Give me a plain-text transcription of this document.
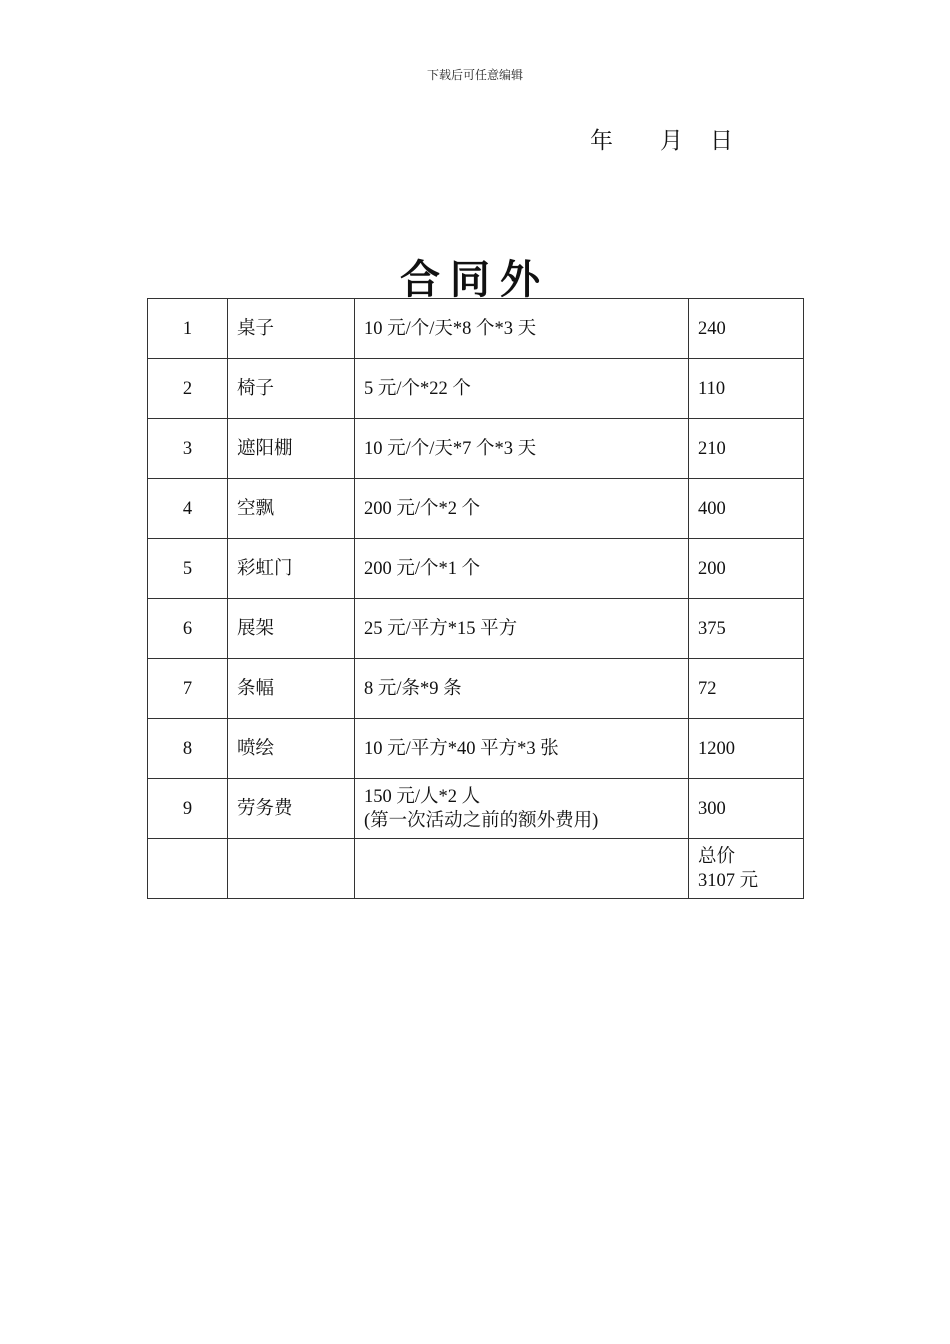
下载后可任意编辑
年 月 日
合同外
1	桌子	10 元/个/天*8 个*3 天	240

2	椅子	5 元/个*22 个	110

3	遮阳棚	10 元/个/天*7 个*3 天	210

4	空飘	200 元/个*2 个	400

5	彩虹门	200 元/个*1 个	200

6	展架	25 元/平方*15 平方	375

7	条幅	8 元/条*9 条	72

8	喷绘	10 元/平方*40 平方*3 张	1200

9	劳务费	150 元/人*2 人
(第一次活动之前的额外费用)	300

			总价
3107 元
